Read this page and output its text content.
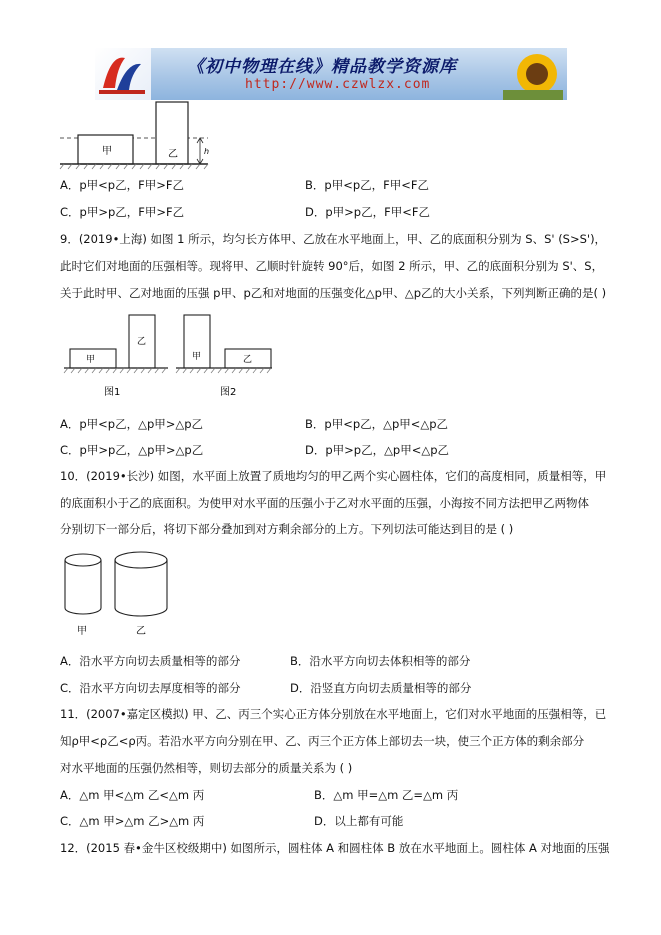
《初中物理在线》精品教学资源库
http://www.czwlzx.com
甲	乙	h
A．p甲<p乙，F甲>F乙	B．p甲<p乙，F甲<F乙
C．p甲>p乙，F甲>F乙	D．p甲>p乙，F甲<F乙
9．(2019•上海) 如图 1 所示，均匀长方体甲、乙放在水平地面上，甲、乙的底面积分别为 S、S' (S>S')，
此时它们对地面的压强相等。现将甲、乙顺时针旋转 90°后，如图 2 所示，甲、乙的底面积分别为 S'、S，
关于此时甲、乙对地面的压强 p甲、p乙和对地面的压强变化△p甲、△p乙的大小关系，下列判断正确的是( )
甲
乙
图1
甲	乙
图2
A．p甲<p乙，△p甲>△p乙	B．p甲<p乙，△p甲<△p乙
C．p甲>p乙，△p甲>△p乙	D．p甲>p乙，△p甲<△p乙
10．(2019•长沙) 如图，水平面上放置了质地均匀的甲乙两个实心圆柱体，它们的高度相同，质量相等，甲
的底面积小于乙的底面积。为使甲对水平面的压强小于乙对水平面的压强，小海按不同方法把甲乙两物体
分别切下一部分后，将切下部分叠加到对方剩余部分的上方。下列切法可能达到目的是 ( )
甲	乙
A．沿水平方向切去质量相等的部分	B．沿水平方向切去体积相等的部分
C．沿水平方向切去厚度相等的部分	D．沿竖直方向切去质量相等的部分
11．(2007•嘉定区模拟) 甲、乙、丙三个实心正方体分别放在水平地面上，它们对水平地面的压强相等，已
知ρ甲<ρ乙<ρ丙。若沿水平方向分别在甲、乙、丙三个正方体上部切去一块，使三个正方体的剩余部分
对水平地面的压强仍然相等，则切去部分的质量关系为 ( )
A．△m 甲<△m 乙<△m 丙	B．△m 甲=△m 乙=△m 丙
C．△m 甲>△m 乙>△m 丙	D．以上都有可能
12．(2015 春•金牛区校级期中) 如图所示，圆柱体 A 和圆柱体 B 放在水平地面上。圆柱体 A 对地面的压强
